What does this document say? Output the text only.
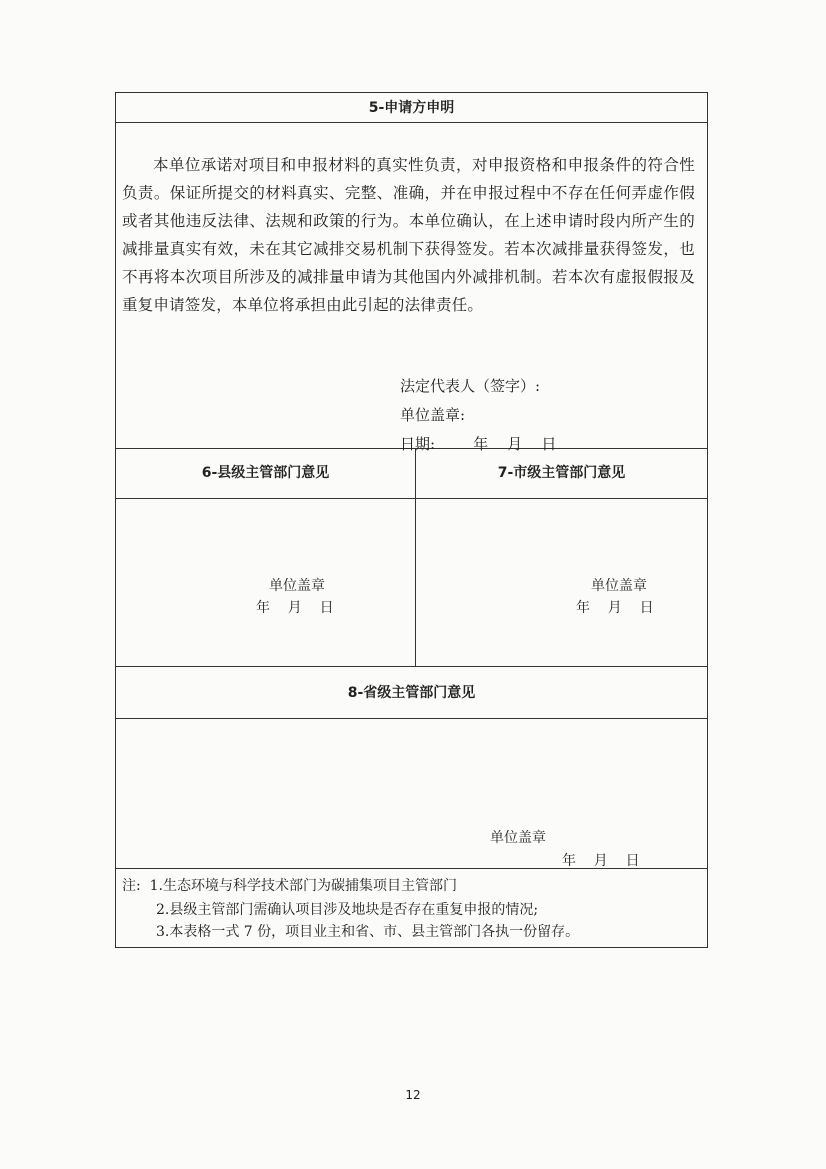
5-申请方申明
本单位承诺对项目和申报材料的真实性负责，对申报资格和申报条件的符合性负责。保证所提交的材料真实、完整、准确，并在申报过程中不存在任何弄虚作假或者其他违反法律、法规和政策的行为。本单位确认，在上述申请时段内所产生的减排量真实有效，未在其它减排交易机制下获得签发。若本次减排量获得签发，也不再将本次项目所涉及的减排量申请为其他国内外减排机制。若本次有虚报假报及重复申请签发，本单位将承担由此引起的法律责任。
法定代表人（签字）:
单位盖章:
日期:        年    月    日
6-县级主管部门意见
单位盖章
年    月    日
7-市级主管部门意见
单位盖章
年    月    日
8-省级主管部门意见
单位盖章
年    月    日
注:  1.生态环境与科学技术部门为碳捕集项目主管部门
2.县级主管部门需确认项目涉及地块是否存在重复申报的情况;
3.本表格一式 7 份，项目业主和省、市、县主管部门各执一份留存。
12
